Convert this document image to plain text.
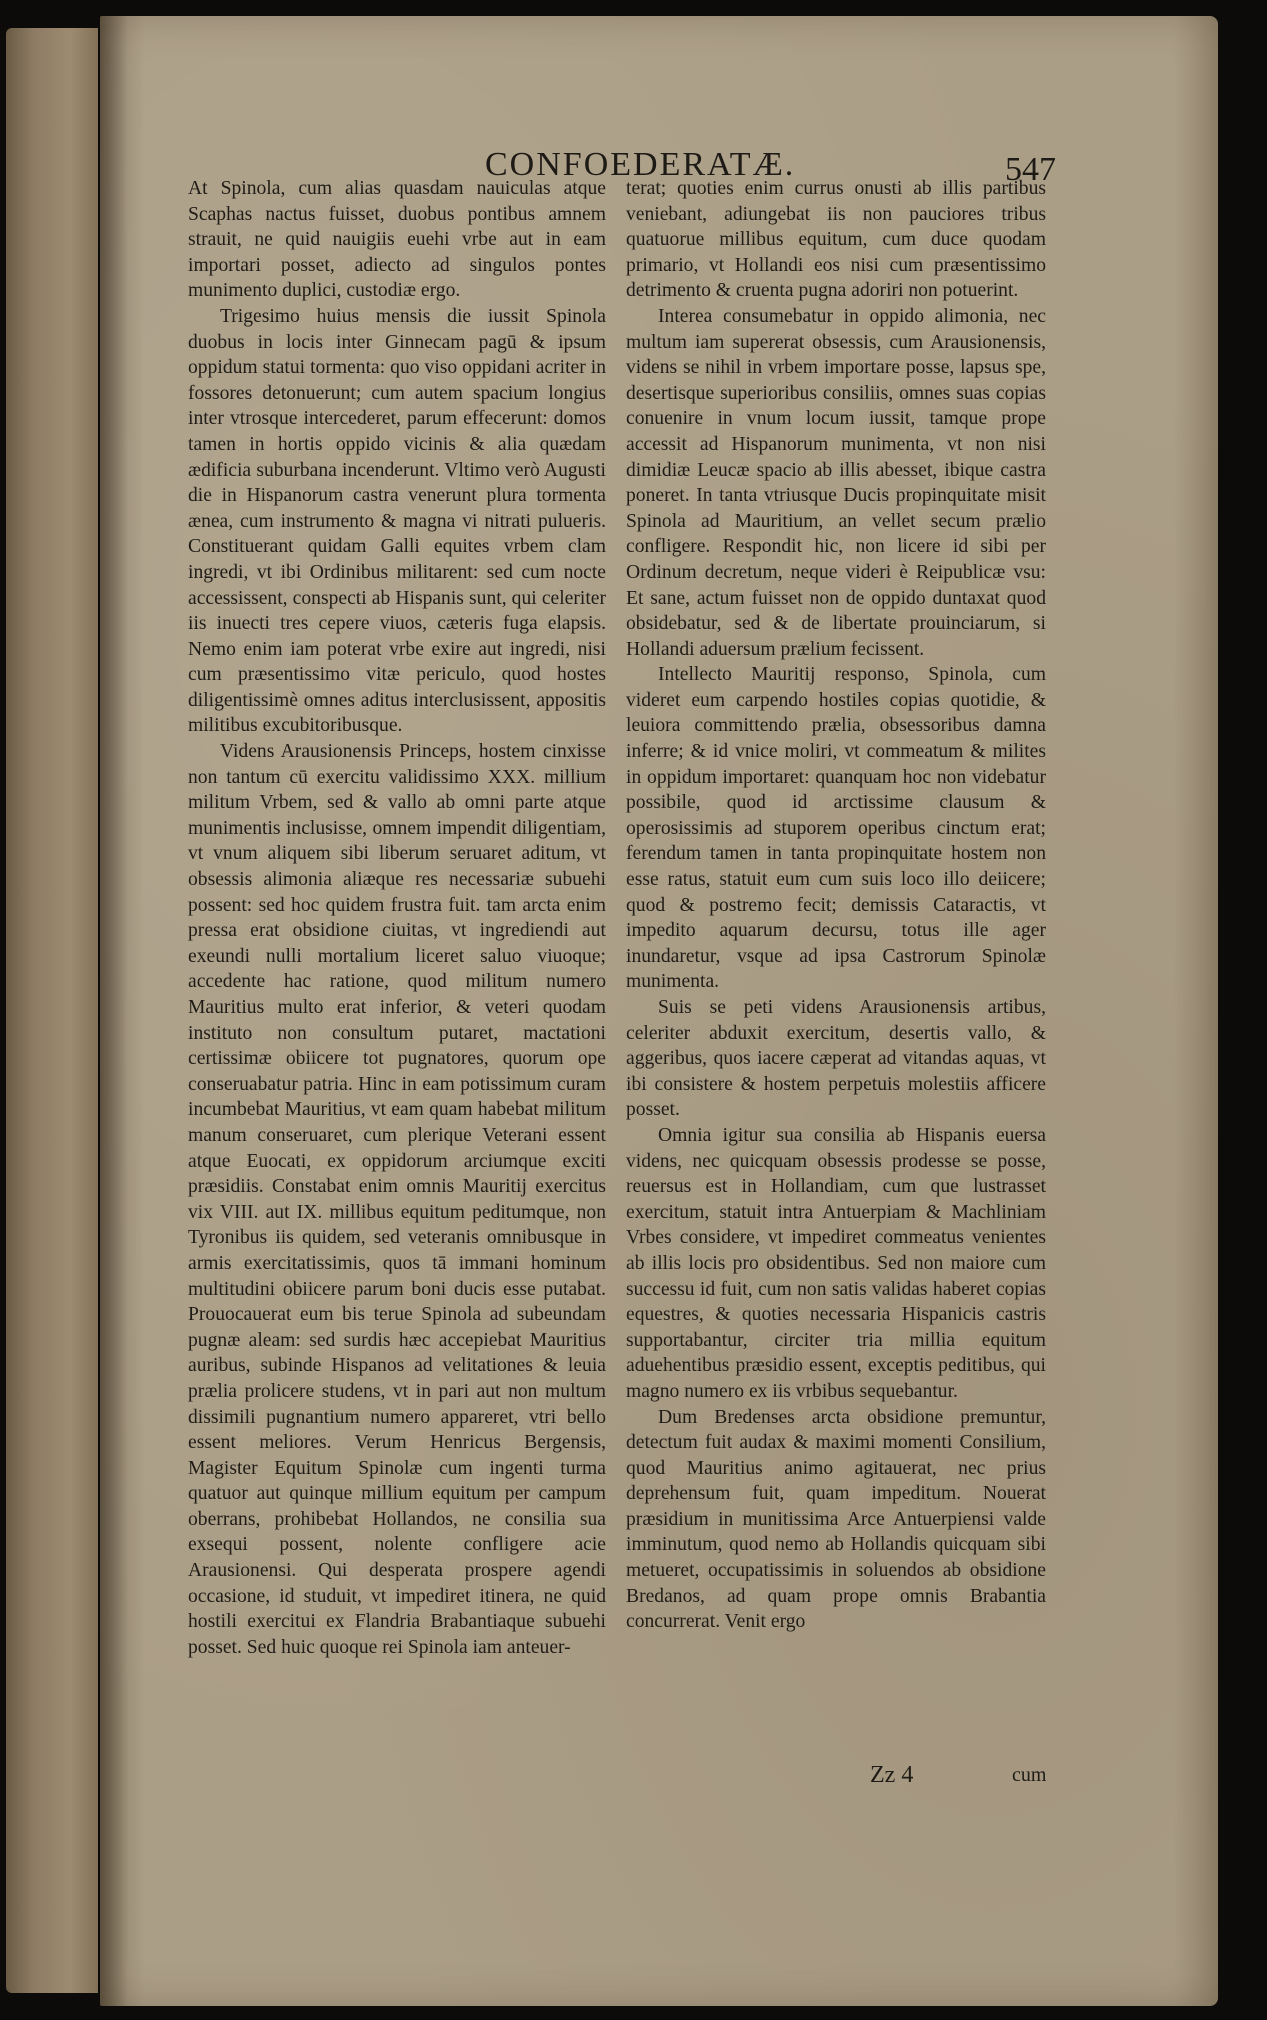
CONFOEDERATÆ.	547

At Spinola, cum alias quasdam nauiculas atque Scaphas nactus fuisset, duobus pontibus amnem strauit, ne quid nauigiis euehi vrbe aut in eam importari posset, adiecto ad singulos pontes munimento duplici, custodiæ ergo.

Trigesimo huius mensis die iussit Spinola duobus in locis inter Ginnecam pagū & ipsum oppidum statui tormenta: quo viso oppidani acriter in fossores detonuerunt; cum autem spacium longius inter vtrosque intercederet, parum effecerunt: domos tamen in hortis oppido vicinis & alia quædam ædificia suburbana incenderunt. Vltimo verò Augusti die in Hispanorum castra venerunt plura tormenta ænea, cum instrumento & magna vi nitrati pulueris. Constituerant quidam Galli equites vrbem clam ingredi, vt ibi Ordinibus militarent: sed cum nocte accessissent, conspecti ab Hispanis sunt, qui celeriter iis inuecti tres cepere viuos, cæteris fuga elapsis. Nemo enim iam poterat vrbe exire aut ingredi, nisi cum præsentissimo vitæ periculo, quod hostes diligentissimè omnes aditus interclusissent, appositis militibus excubitoribusque.

Videns Arausionensis Princeps, hostem cinxisse non tantum cū exercitu validissimo XXX. millium militum Vrbem, sed & vallo ab omni parte atque munimentis inclusisse, omnem impendit diligentiam, vt vnum aliquem sibi liberum seruaret aditum, vt obsessis alimonia aliæque res necessariæ subuehi possent: sed hoc quidem frustra fuit. tam arcta enim pressa erat obsidione ciuitas, vt ingrediendi aut exeundi nulli mortalium liceret saluo viuoque; accedente hac ratione, quod militum numero Mauritius multo erat inferior, & veteri quodam instituto non consultum putaret, mactationi certissimæ obiicere tot pugnatores, quorum ope conseruabatur patria. Hinc in eam potissimum curam incumbebat Mauritius, vt eam quam habebat militum manum conseruaret, cum plerique Veterani essent atque Euocati, ex oppidorum arciumque exciti præsidiis. Constabat enim omnis Mauritij exercitus vix VIII. aut IX. millibus equitum peditumque, non Tyronibus iis quidem, sed veteranis omnibusque in armis exercitatissimis, quos tā immani hominum multitudini obiicere parum boni ducis esse putabat. Prouocauerat eum bis terue Spinola ad subeundam pugnæ aleam: sed surdis hæc accepiebat Mauritius auribus, subinde Hispanos ad velitationes & leuia prælia prolicere studens, vt in pari aut non multum dissimili pugnantium numero appareret, vtri bello essent meliores. Verum Henricus Bergensis, Magister Equitum Spinolæ cum ingenti turma quatuor aut quinque millium equitum per campum oberrans, prohibebat Hollandos, ne consilia sua exsequi possent, nolente confligere acie Arausionensi. Qui desperata prospere agendi occasione, id studuit, vt impediret itinera, ne quid hostili exercitui ex Flandria Brabantiaque subuehi posset. Sed huic quoque rei Spinola iam anteuer-

terat; quoties enim currus onusti ab illis partibus veniebant, adiungebat iis non pauciores tribus quatuorue millibus equitum, cum duce quodam primario, vt Hollandi eos nisi cum præsentissimo detrimento & cruenta pugna adoriri non potuerint.

Interea consumebatur in oppido alimonia, nec multum iam supererat obsessis, cum Arausionensis, videns se nihil in vrbem importare posse, lapsus spe, desertisque superioribus consiliis, omnes suas copias conuenire in vnum locum iussit, tamque prope accessit ad Hispanorum munimenta, vt non nisi dimidiæ Leucæ spacio ab illis abesset, ibique castra poneret. In tanta vtriusque Ducis propinquitate misit Spinola ad Mauritium, an vellet secum prælio confligere. Respondit hic, non licere id sibi per Ordinum decretum, neque videri è Reipublicæ vsu: Et sane, actum fuisset non de oppido duntaxat quod obsidebatur, sed & de libertate prouinciarum, si Hollandi aduersum prælium fecissent.

Intellecto Mauritij responso, Spinola, cum videret eum carpendo hostiles copias quotidie, & leuiora committendo prælia, obsessoribus damna inferre; & id vnice moliri, vt commeatum & milites in oppidum importaret: quanquam hoc non videbatur possibile, quod id arctissime clausum & operosissimis ad stuporem operibus cinctum erat; ferendum tamen in tanta propinquitate hostem non esse ratus, statuit eum cum suis loco illo deiicere; quod & postremo fecit; demissis Cataractis, vt impedito aquarum decursu, totus ille ager inundaretur, vsque ad ipsa Castrorum Spinolæ munimenta.

Suis se peti videns Arausionensis artibus, celeriter abduxit exercitum, desertis vallo, & aggeribus, quos iacere cæperat ad vitandas aquas, vt ibi consistere & hostem perpetuis molestiis afficere posset.

Omnia igitur sua consilia ab Hispanis euersa videns, nec quicquam obsessis prodesse se posse, reuersus est in Hollandiam, cum que lustrasset exercitum, statuit intra Antuerpiam & Machliniam Vrbes considere, vt impediret commeatus venientes ab illis locis pro obsidentibus. Sed non maiore cum successu id fuit, cum non satis validas haberet copias equestres, & quoties necessaria Hispanicis castris supportabantur, circiter tria millia equitum aduehentibus præsidio essent, exceptis peditibus, qui magno numero ex iis vrbibus sequebantur.

Dum Bredenses arcta obsidione premuntur, detectum fuit audax & maximi momenti Consilium, quod Mauritius animo agitauerat, nec prius deprehensum fuit, quam impeditum. Nouerat præsidium in munitissima Arce Antuerpiensi valde imminutum, quod nemo ab Hollandis quicquam sibi metueret, occupatissimis in soluendos ab obsidione Bredanos, ad quam prope omnis Brabantia concurrerat. Venit ergo

Zz 4	cum
